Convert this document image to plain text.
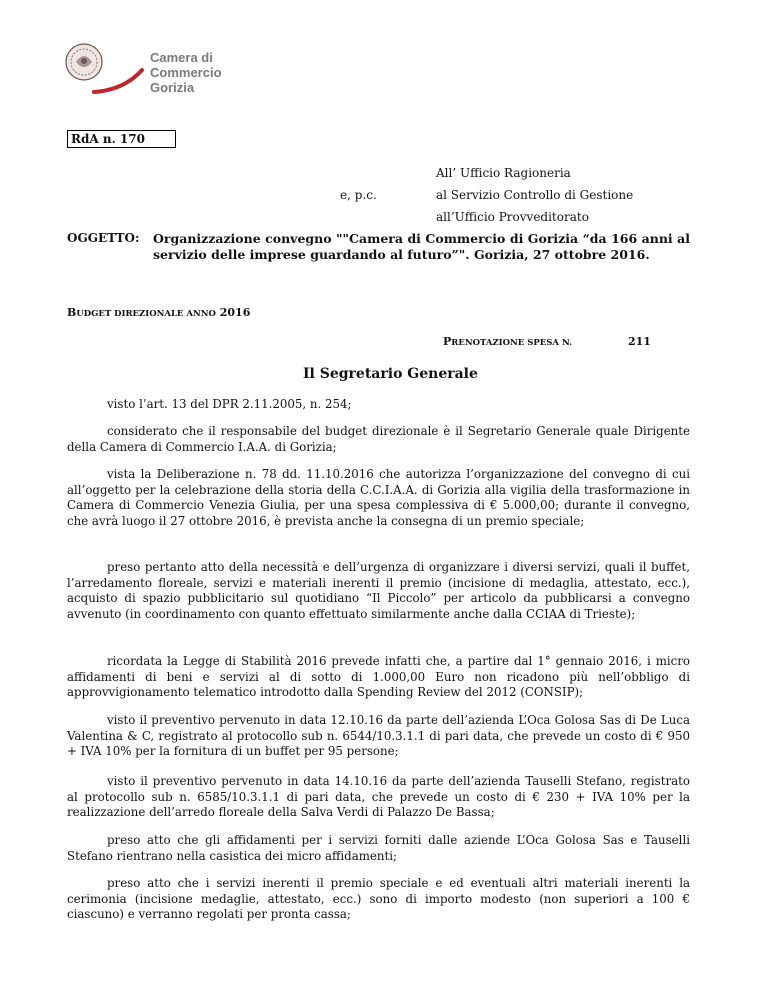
Camera di Commercio
Gorizia
RdA n. 170
All’ Ufficio Ragioneria
e, p.c.	al Servizio Controllo di Gestione
all’Ufficio Provveditorato
OGGETTO: Organizzazione convegno ""Camera di Commercio di Gorizia “da 166 anni al servizio delle imprese guardando al futuro”". Gorizia, 27 ottobre 2016.
BUDGET DIREZIONALE ANNO 2016
PRENOTAZIONE SPESA N.	211
Il Segretario Generale

visto l’art. 13 del DPR 2.11.2005, n. 254;

considerato che il responsabile del budget direzionale è il Segretario Generale quale Dirigente della Camera di Commercio I.A.A. di Gorizia;

vista la Deliberazione n. 78 dd. 11.10.2016 che autorizza l’organizzazione del convegno di cui all’oggetto per la celebrazione della storia della C.C.I.A.A. di Gorizia alla vigilia della trasformazione in Camera di Commercio Venezia Giulia, per una spesa complessiva di € 5.000,00; durante il convegno, che avrà luogo il 27 ottobre 2016, è prevista anche la consegna di un premio speciale;

preso pertanto atto della necessità e dell’urgenza di organizzare i diversi servizi, quali il buffet, l’arredamento floreale, servizi e materiali inerenti il premio (incisione di medaglia, attestato, ecc.), acquisto di spazio pubblicitario sul quotidiano “Il Piccolo” per articolo da pubblicarsi a convegno avvenuto (in coordinamento con quanto effettuato similarmente anche dalla CCIAA di Trieste);

ricordata la Legge di Stabilità 2016 prevede infatti che, a partire dal 1° gennaio 2016, i micro affidamenti di beni e servizi al di sotto di 1.000,00 Euro non ricadono più nell’obbligo di approvvigionamento telematico introdotto dalla Spending Review del 2012 (CONSIP);

visto il preventivo pervenuto in data 12.10.16 da parte dell’azienda L’Oca Golosa Sas di De Luca Valentina & C, registrato al protocollo sub n. 6544/10.3.1.1 di pari data, che prevede un costo di € 950 + IVA 10% per la fornitura di un buffet per 95 persone;

visto il preventivo pervenuto in data 14.10.16 da parte dell’azienda Tauselli Stefano, registrato al protocollo sub n. 6585/10.3.1.1 di pari data, che prevede un costo di € 230 + IVA 10% per la realizzazione dell’arredo floreale della Salva Verdi di Palazzo De Bassa;

preso atto che gli affidamenti per i servizi forniti dalle aziende L’Oca Golosa Sas e Tauselli Stefano rientrano nella casistica dei micro affidamenti;

preso atto che i servizi inerenti il premio speciale e ed eventuali altri materiali inerenti la cerimonia (incisione medaglie, attestato, ecc.) sono di importo modesto (non superiori a 100 € ciascuno) e verranno regolati per pronta cassa;
